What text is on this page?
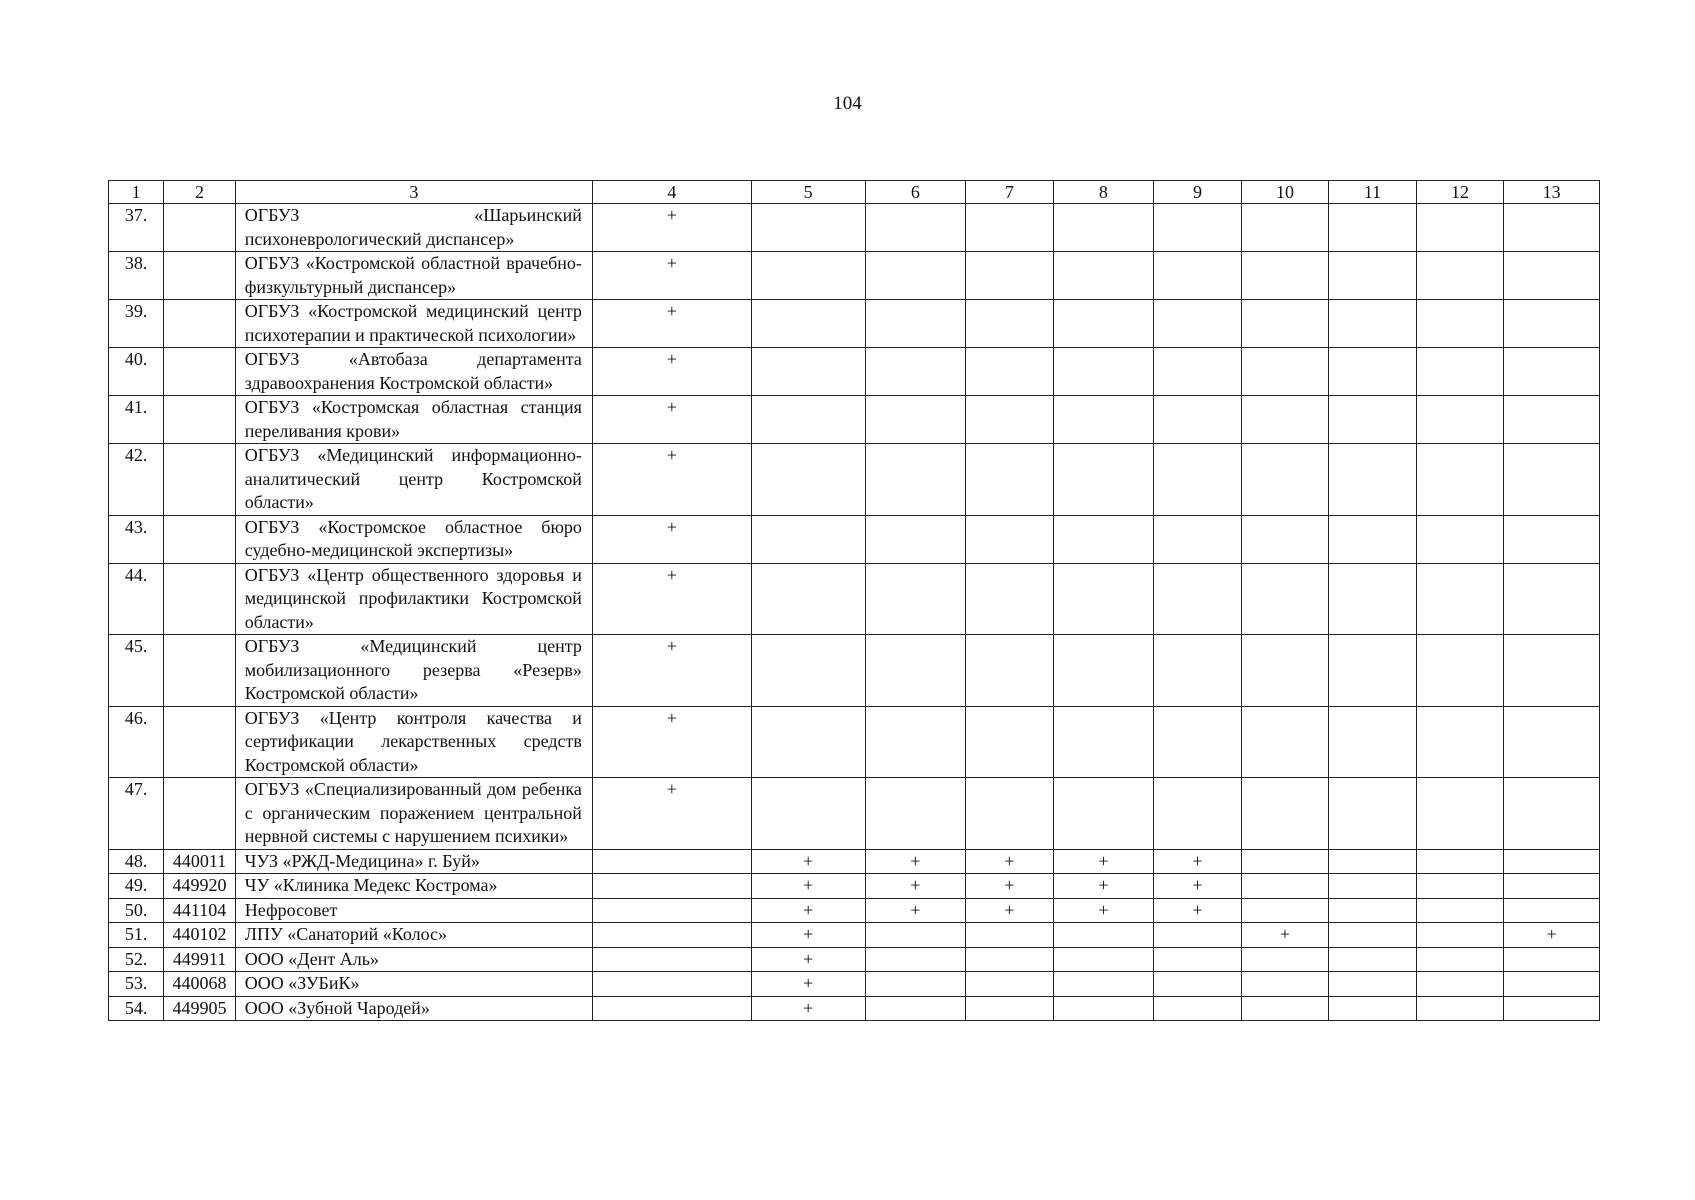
104
1	2	3	4	5	6	7	8	9	10	11	12	13
37.		ОГБУЗ «Шарьинский психоневрологический диспансер»	+									
38.		ОГБУЗ «Костромской областной врачебно-физкультурный диспансер»	+									
39.		ОГБУЗ «Костромской медицинский центр психотерапии и практической психологии»	+									
40.		ОГБУЗ «Автобаза департамента здравоохранения Костромской области»	+									
41.		ОГБУЗ «Костромская областная станция переливания крови»	+									
42.		ОГБУЗ «Медицинский информационно-аналитический центр Костромской области»	+									
43.		ОГБУЗ «Костромское областное бюро судебно-медицинской экспертизы»	+									
44.		ОГБУЗ «Центр общественного здоровья и медицинской профилактики Костромской области»	+									
45.		ОГБУЗ «Медицинский центр мобилизационного резерва «Резерв» Костромской области»	+									
46.		ОГБУЗ «Центр контроля качества и сертификации лекарственных средств Костромской области»	+									
47.		ОГБУЗ «Специализированный дом ребенка с органическим поражением центральной нервной системы с нарушением психики»	+									
48.	440011	ЧУЗ «РЖД-Медицина» г. Буй»		+	+	+	+	+				
49.	449920	ЧУ «Клиника Медекс Кострома»		+	+	+	+	+				
50.	441104	Нефросовет		+	+	+	+	+				
51.	440102	ЛПУ «Санаторий «Колос»		+					+			+
52.	449911	ООО «Дент Аль»		+								
53.	440068	ООО «ЗУБиК»		+								
54.	449905	ООО «Зубной Чародей»		+								
